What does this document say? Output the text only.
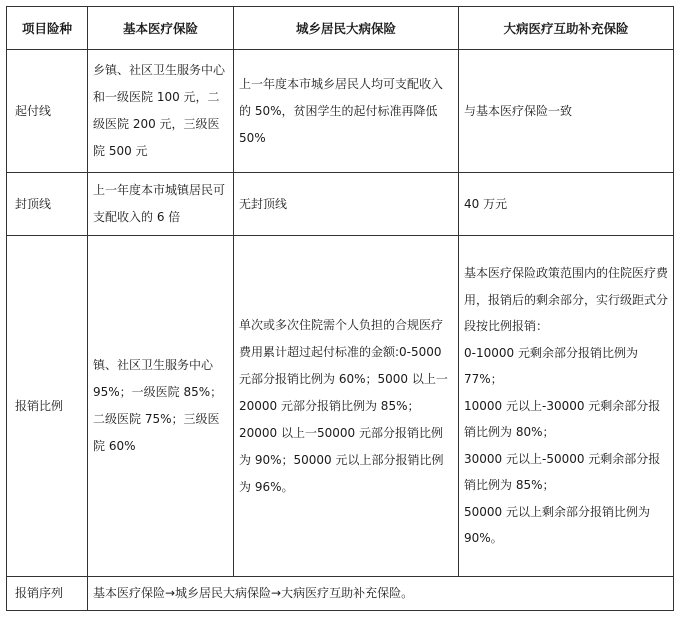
项目险种	基本医疗保险	城乡居民大病保险	大病医疗互助补充保险
起付线	乡镇、社区卫生服务中心和一级医院 100 元，二级医院 200 元，三级医院 500 元	上一年度本市城乡居民人均可支配收入的 50%，贫困学生的起付标准再降低 50%	与基本医疗保险一致
封顶线	上一年度本市城镇居民可支配收入的 6 倍	无封顶线	40 万元
报销比例	镇、社区卫生服务中心 95%；一级医院 85%；二级医院 75%；三级医院 60%	单次或多次住院需个人负担的合规医疗费用累计超过起付标准的金额:0-5000 元部分报销比例为 60%；5000 以上一20000 元部分报销比例为 85%；20000 以上一50000 元部分报销比例为 90%；50000 元以上部分报销比例为 96%。	基本医疗保险政策范围内的住院医疗费用，报销后的剩余部分，实行级距式分段按比例报销：
0-10000 元剩余部分报销比例为 77%；
10000 元以上-30000 元剩余部分报销比例为 80%；
30000 元以上-50000 元剩余部分报销比例为 85%；
50000 元以上剩余部分报销比例为 90%。

报销序列	基本医疗保险→城乡居民大病保险→大病医疗互助补充保险。		
